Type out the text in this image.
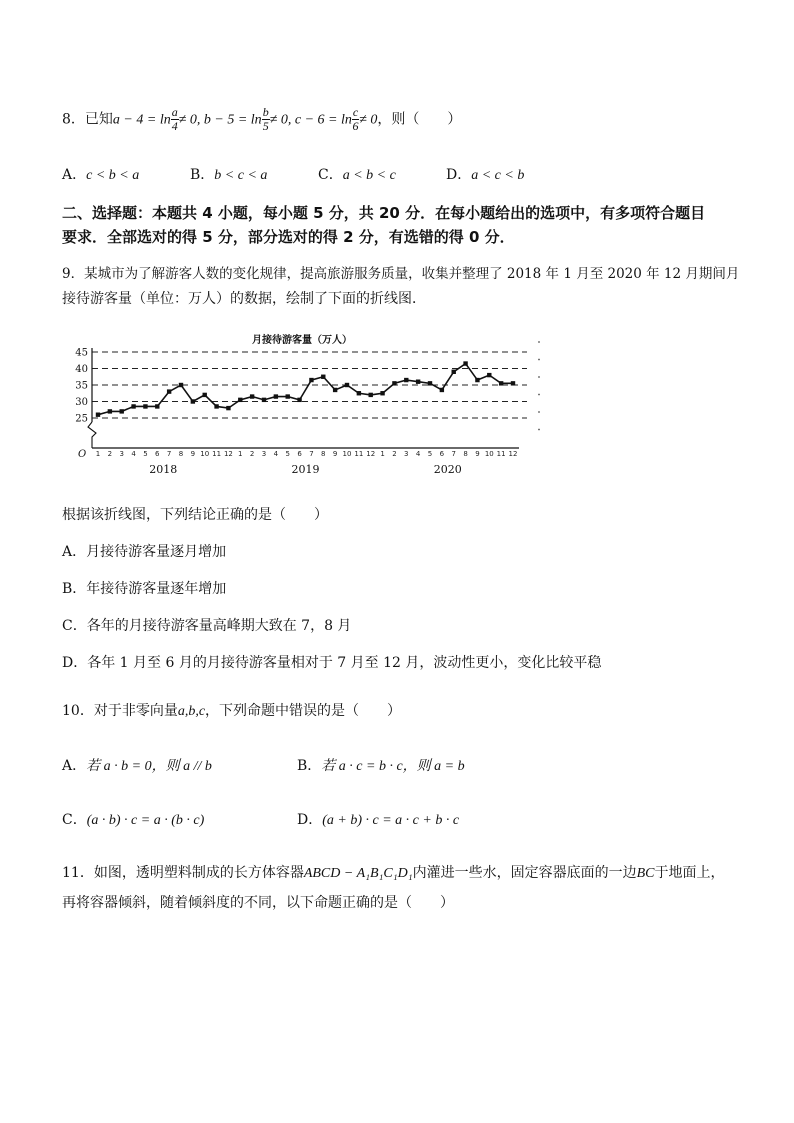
8．已知$a - 4 = \ln \frac{a}{4} \ne 0$, $b - 5 = \ln \frac{b}{5} \ne 0$, $c - 6 = \ln \frac{c}{6} \ne 0$，则（　　）
A．c < b < a	B．b < c < a	C．a < b < c	D．a < c < b
二、选择题：本题共 4 小题，每小题 5 分，共 20 分．在每小题给出的选项中，有多项符合题目
要求．全部选对的得 5 分，部分选对的得 2 分，有选错的得 0 分．
9．某城市为了解游客人数的变化规律，提高旅游服务质量，收集并整理了 2018 年 1 月至 2020 年 12 月期间月
接待游客量（单位：万人）的数据，绘制了下面的折线图．
月接待游客量（万人）
25
30
35
40
45
O 1 2 3 4 5 6 7 8 9 10 11 12 1 2 3 4 5 6 7 8 9 10 11 12 1 2 3 4 5 6 7 8 9 10 11 12
2018	2019	2020
根据该折线图，下列结论正确的是（　　）
A．月接待游客量逐月增加
B．年接待游客量逐年增加
C．各年的月接待游客量高峰期大致在 7，8 月
D．各年 1 月至 6 月的月接待游客量相对于 7 月至 12 月，波动性更小，变化比较平稳
10．对于非零向量a,b,c，下列命题中错误的是（　　）
A．若 a · b = 0，则 a // b	B．若 a · c = b · c，则 a = b
C．(a · b) · c = a · (b · c)	D．(a + b) · c = a · c + b · c
11．如图，透明塑料制成的长方体容器ABCD − A₁B₁C₁D₁内灌进一些水，固定容器底面的一边BC于地面上，
再将容器倾斜，随着倾斜度的不同，以下命题正确的是（　　）
